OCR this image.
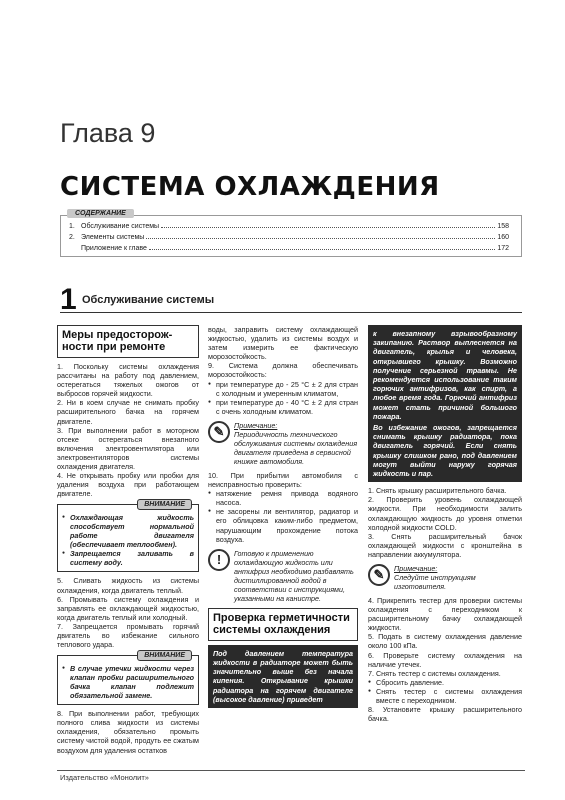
Глава 9
СИСТЕМА ОХЛАЖДЕНИЯ
СОДЕРЖАНИЕ
1. Обслуживание системы	158
2. Элементы системы	160
Приложение к главе	172
1 Обслуживание системы
Меры предосторож-ности при ремонте

1. Поскольку системы охлаждения рассчитаны на работу под давлением, остерегаться тяжелых ожогов от выбросов горячей жидкости.

2. Ни в коем случае не снимать пробку расширительного бачка на горячем двигателе.

3. При выполнении работ в моторном отсеке остерегаться внезапного включения электровентилятора или электровентиляторов системы охлаждения двигателя.

4. Не открывать пробку или пробки для удаления воздуха при работающем двигателе.

ВНИМАНИЕ

● Охлаждающая жидкость способствует нормальной работе двигателя (обеспечивает теплообмен).

● Запрещается заливать в систему воду.

5. Сливать жидкость из системы охлаждения, когда двигатель теплый.

6. Промывать систему охлаждения и заправлять ее охлаждающей жидкостью, когда двигатель теплый или холодный.

7. Запрещается промывать горячий двигатель во избежание сильного теплового удара.

ВНИМАНИЕ

● В случае утечки жидкости через клапан пробки расширительного бачка клапан подлежит обязательной замене.

8. При выполнении работ, требующих полного слива жидкости из системы охлаждения, обязательно промыть систему чистой водой, продуть ее сжатым воздухом для удаления остатков

воды, заправить систему охлаждающей жидкостью, удалить из системы воздух и затем измерить ее фактическую морозостойкость.

9. Система должна обеспечивать морозостойкость:

● при температуре до - 25 °С ± 2 для стран с холодным и умеренным климатом,

● при температуре до - 40 °С ± 2 для стран с очень холодным климатом.

✎	Примечание:
Периодичность технического обслуживания системы охлаждения двигателя приведена в сервисной книжке автомобиля.

10. При прибытии автомобиля с неисправностью проверить:

● натяжение ремня привода водяного насоса.

● не засорены ли вентилятор, радиатор и его облицовка каким-либо предметом, нарушающим прохождение потока воздуха.

!	Готовую к применению охлаждающую жидкость или антифриз необходимо разбавлять дистиллированной водой в соответствии с инструкциями, указанными на канистре.
Проверка герметичности системы охлаждения
Под давлением температура жидкости в радиаторе может быть значительно выше без начала кипения. Открывание крышки радиатора на горячем двигателе (высокое давление) приведет
к внезапному взрывообразному закипанию. Раствор выплеснется на двигатель, крылья и человека, открывшего крышку. Возможно получение серьезной травмы. Не рекомендуется использование таким горючих антифризов, как спирт, а любое время года. Горючий антифриз может стать причиной большого пожара.
Во избежание ожогов, запрещается снимать крышку радиатора, пока двигатель горячий. Если снять крышку слишком рано, под давлением могут выйти наружу горячая жидкость и пар.

1. Снять крышку расширительного бачка.

2. Проверить уровень охлаждающей жидкости. При необходимости залить охлаждающую жидкость до уровня отметки холодной жидкости COLD.

3. Снять расширительный бачок охлаждающей жидкости с кронштейна в направлении аккумулятора.

✎	Примечание:
Следуйте инструкциям изготовителя.

4. Прикрепить тестер для проверки системы охлаждения с переходником к расширительному бачку охлаждающей жидкости.

5. Подать в систему охлаждения давление около 100 кПа.

6. Проверьте систему охлаждения на наличие утечек.

7. Снять тестер с системы охлаждения.

● Сбросить давление.

● Снять тестер с системы охлаждения вместе с переходником.

8. Установите крышку расширительного бачка.

Издательство «Монолит»
